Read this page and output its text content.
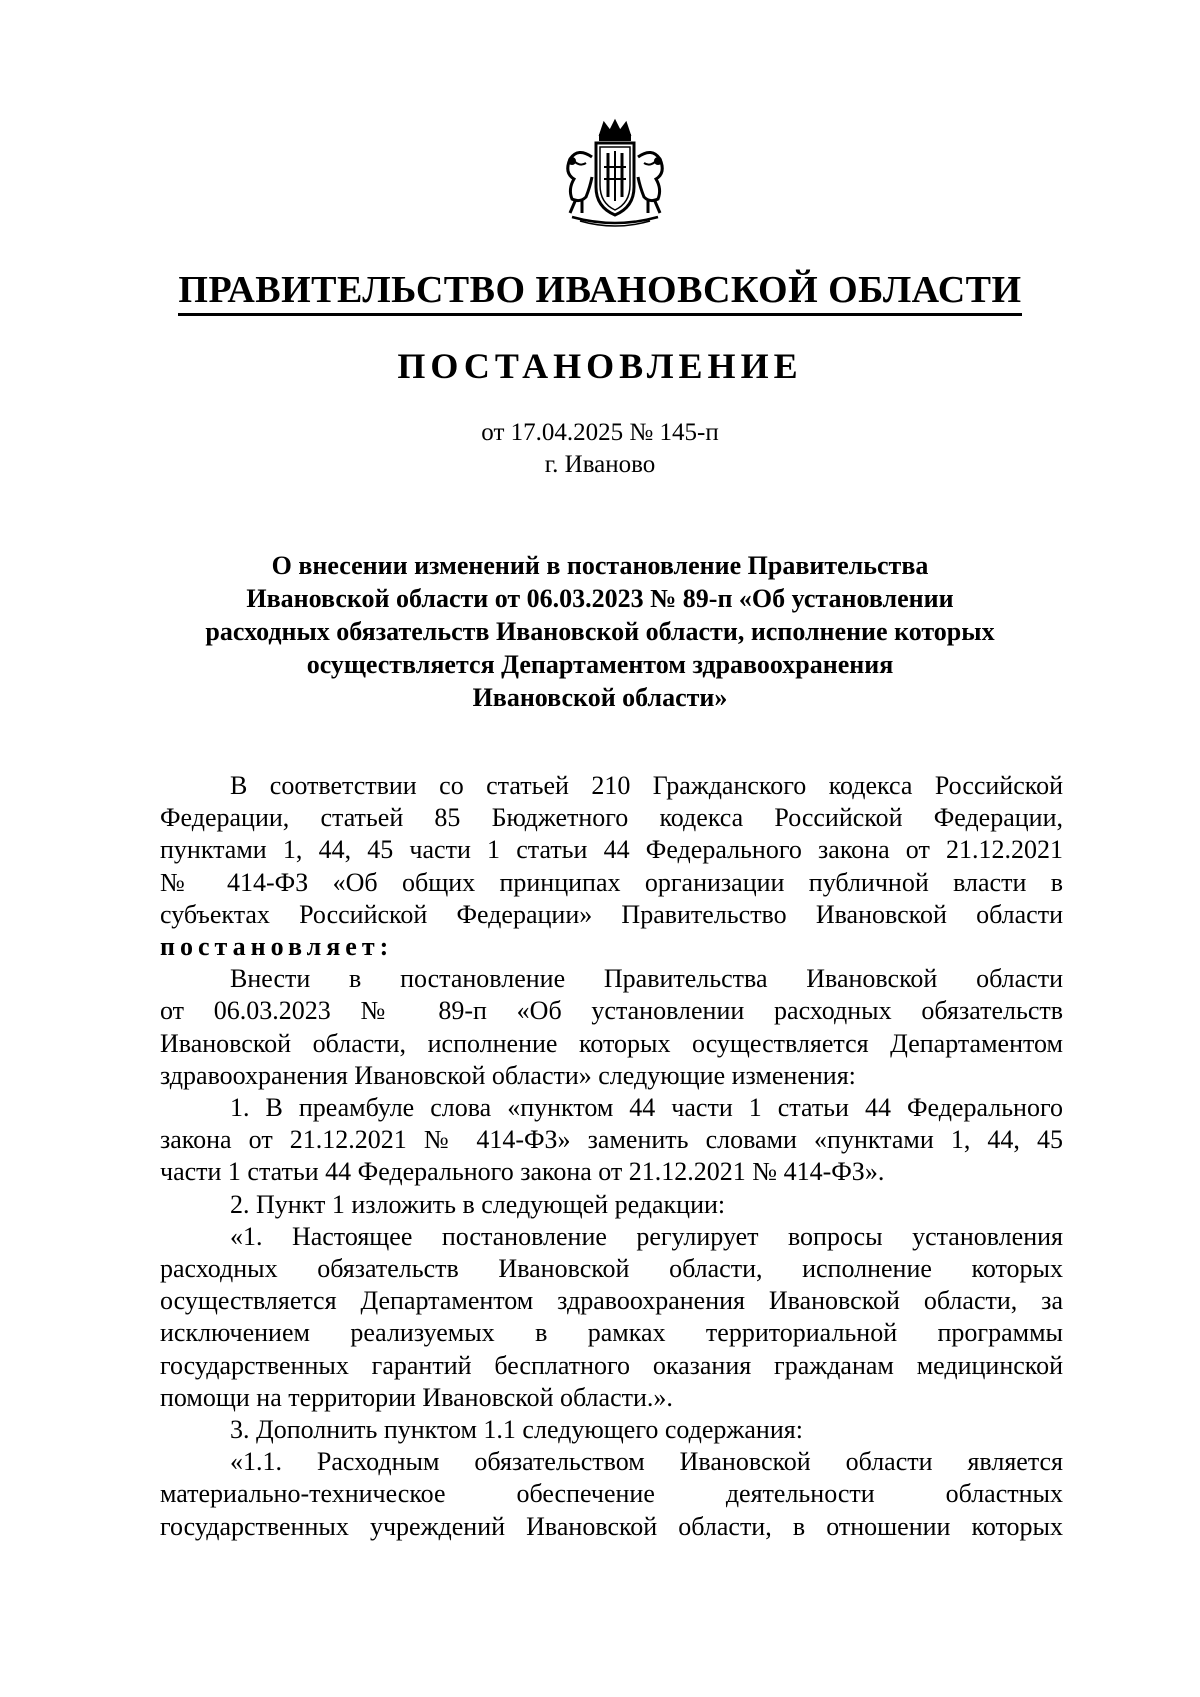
ПРАВИТЕЛЬСТВО ИВАНОВСКОЙ ОБЛАСТИ
ПОСТАНОВЛЕНИЕ
от 17.04.2025 № 145-п
г. Иваново
О внесении изменений в постановление Правительства
Ивановской области от 06.03.2023 № 89-п «Об установлении
расходных обязательств Ивановской области, исполнение которых
осуществляется Департаментом здравоохранения
Ивановской области»

В соответствии со статьей 210 Гражданского кодекса Российской

Федерации, статьей 85 Бюджетного кодекса Российской Федерации,

пунктами 1, 44, 45 части 1 статьи 44 Федерального закона от 21.12.2021

№ 414-ФЗ «Об общих принципах организации публичной власти в

субъектах Российской Федерации» Правительство Ивановской области

постановляет:

Внести в постановление Правительства Ивановской области

от 06.03.2023 № 89-п «Об установлении расходных обязательств

Ивановской области, исполнение которых осуществляется Департаментом

здравоохранения Ивановской области» следующие изменения:

1. В преамбуле слова «пунктом 44 части 1 статьи 44 Федерального

закона от 21.12.2021 № 414-ФЗ» заменить словами «пунктами 1, 44, 45

части 1 статьи 44 Федерального закона от 21.12.2021 № 414-ФЗ».

2. Пункт 1 изложить в следующей редакции:

«1. Настоящее постановление регулирует вопросы установления

расходных обязательств Ивановской области, исполнение которых

осуществляется Департаментом здравоохранения Ивановской области, за

исключением реализуемых в рамках территориальной программы

государственных гарантий бесплатного оказания гражданам медицинской

помощи на территории Ивановской области.».

3. Дополнить пунктом 1.1 следующего содержания:

«1.1. Расходным обязательством Ивановской области является

материально-техническое обеспечение деятельности областных

государственных учреждений Ивановской области, в отношении которых
